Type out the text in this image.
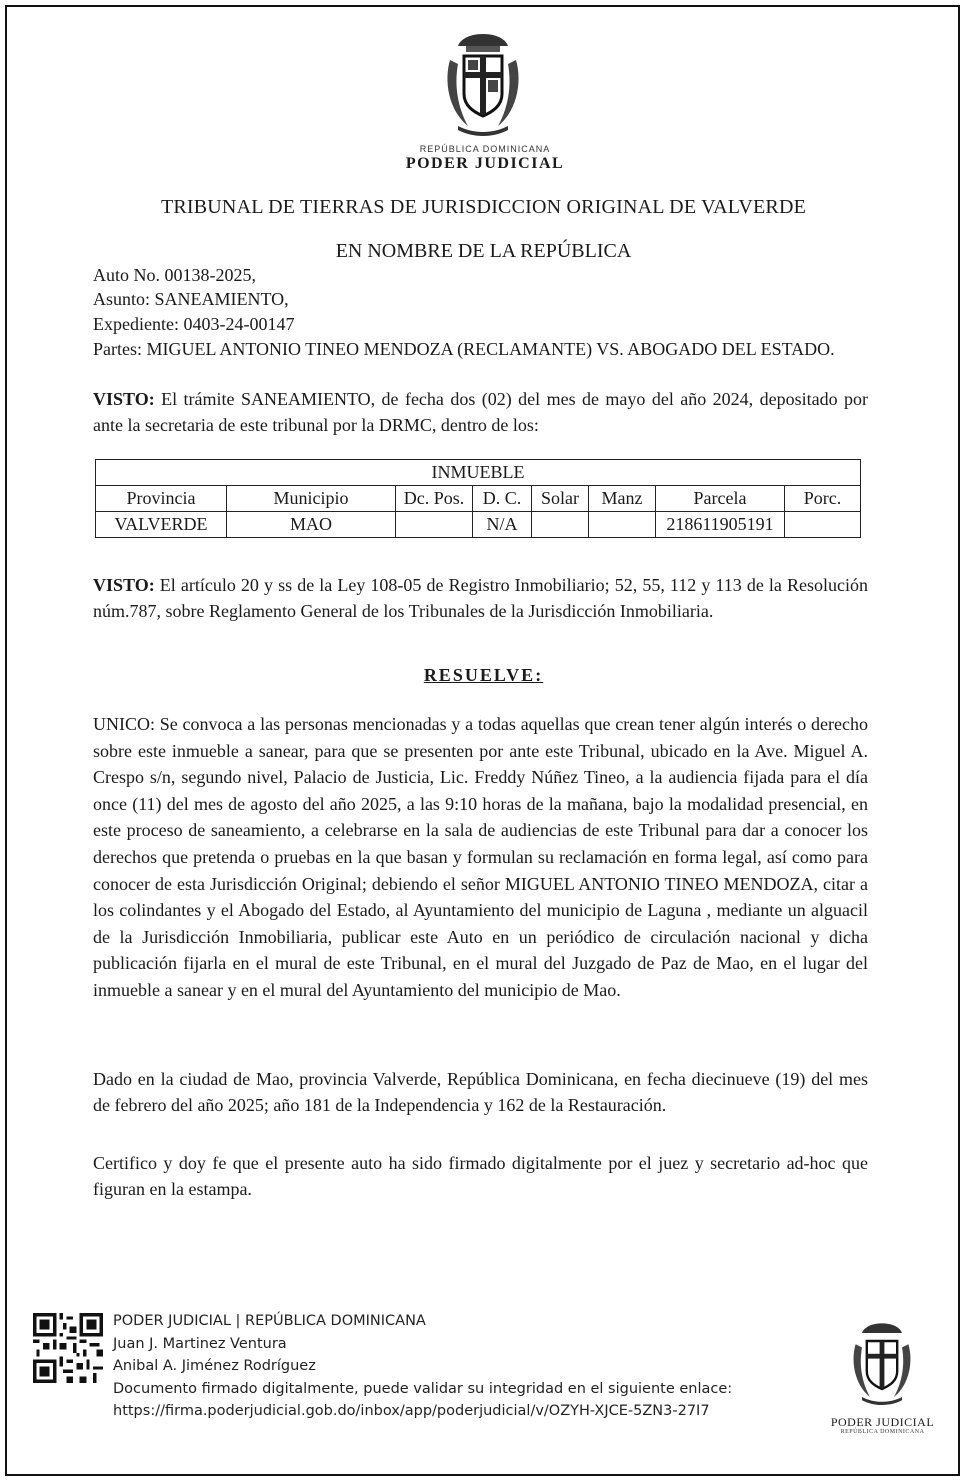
REPÚBLICA DOMINICANA
PODER JUDICIAL
TRIBUNAL DE TIERRAS DE JURISDICCION ORIGINAL DE VALVERDE
EN NOMBRE DE LA REPÚBLICA
Auto No. 00138-2025,
Asunto: SANEAMIENTO,
Expediente: 0403-24-00147
Partes: MIGUEL ANTONIO TINEO MENDOZA (RECLAMANTE) VS. ABOGADO DEL ESTADO.
VISTO: El trámite SANEAMIENTO, de fecha dos (02) del mes de mayo del año 2024, depositado por ante la secretaria de este tribunal por la DRMC, dentro de los:
INMUEBLE							
Provincia	Municipio	Dc. Pos.	D. C.	Solar	Manz	Parcela	Porc.
VALVERDE	MAO		N/A			218611905191	
VISTO: El artículo 20 y ss de la Ley 108-05 de Registro Inmobiliario; 52, 55, 112 y 113 de la Resolución núm.787, sobre Reglamento General de los Tribunales de la Jurisdicción Inmobiliaria.
RESUELVE:
UNICO: Se convoca a las personas mencionadas y a todas aquellas que crean tener algún interés o derecho sobre este inmueble a sanear, para que se presenten por ante este Tribunal, ubicado en la Ave. Miguel A. Crespo s/n, segundo nivel, Palacio de Justicia, Lic. Freddy Núñez Tineo, a la audiencia fijada para el día once (11) del mes de agosto del año 2025, a las 9:10 horas de la mañana, bajo la modalidad presencial, en este proceso de saneamiento, a celebrarse en la sala de audiencias de este Tribunal para dar a conocer los derechos que pretenda o pruebas en la que basan y formulan su reclamación en forma legal, así como para conocer de esta Jurisdicción Original; debiendo el señor MIGUEL ANTONIO TINEO MENDOZA, citar a los colindantes y el Abogado del Estado, al Ayuntamiento del municipio de Laguna , mediante un alguacil de la Jurisdicción Inmobiliaria, publicar este Auto en un periódico de circulación nacional y dicha publicación fijarla en el mural de este Tribunal, en el mural del Juzgado de Paz de Mao, en el lugar del inmueble a sanear y en el mural del Ayuntamiento del municipio de Mao.
Dado en la ciudad de Mao, provincia Valverde, República Dominicana, en fecha diecinueve (19) del mes de febrero del año 2025; año 181 de la Independencia y 162 de la Restauración.
Certifico y doy fe que el presente auto ha sido firmado digitalmente por el juez y secretario ad-hoc que figuran en la estampa.
PODER JUDICIAL | REPÚBLICA DOMINICANA
Juan J. Martinez Ventura
Anibal A. Jiménez Rodríguez
Documento firmado digitalmente, puede validar su integridad en el siguiente enlace:
https://firma.poderjudicial.gob.do/inbox/app/poderjudicial/v/OZYH-XJCE-5ZN3-27I7
PODER JUDICIAL
REPÚBLICA DOMINICANA
